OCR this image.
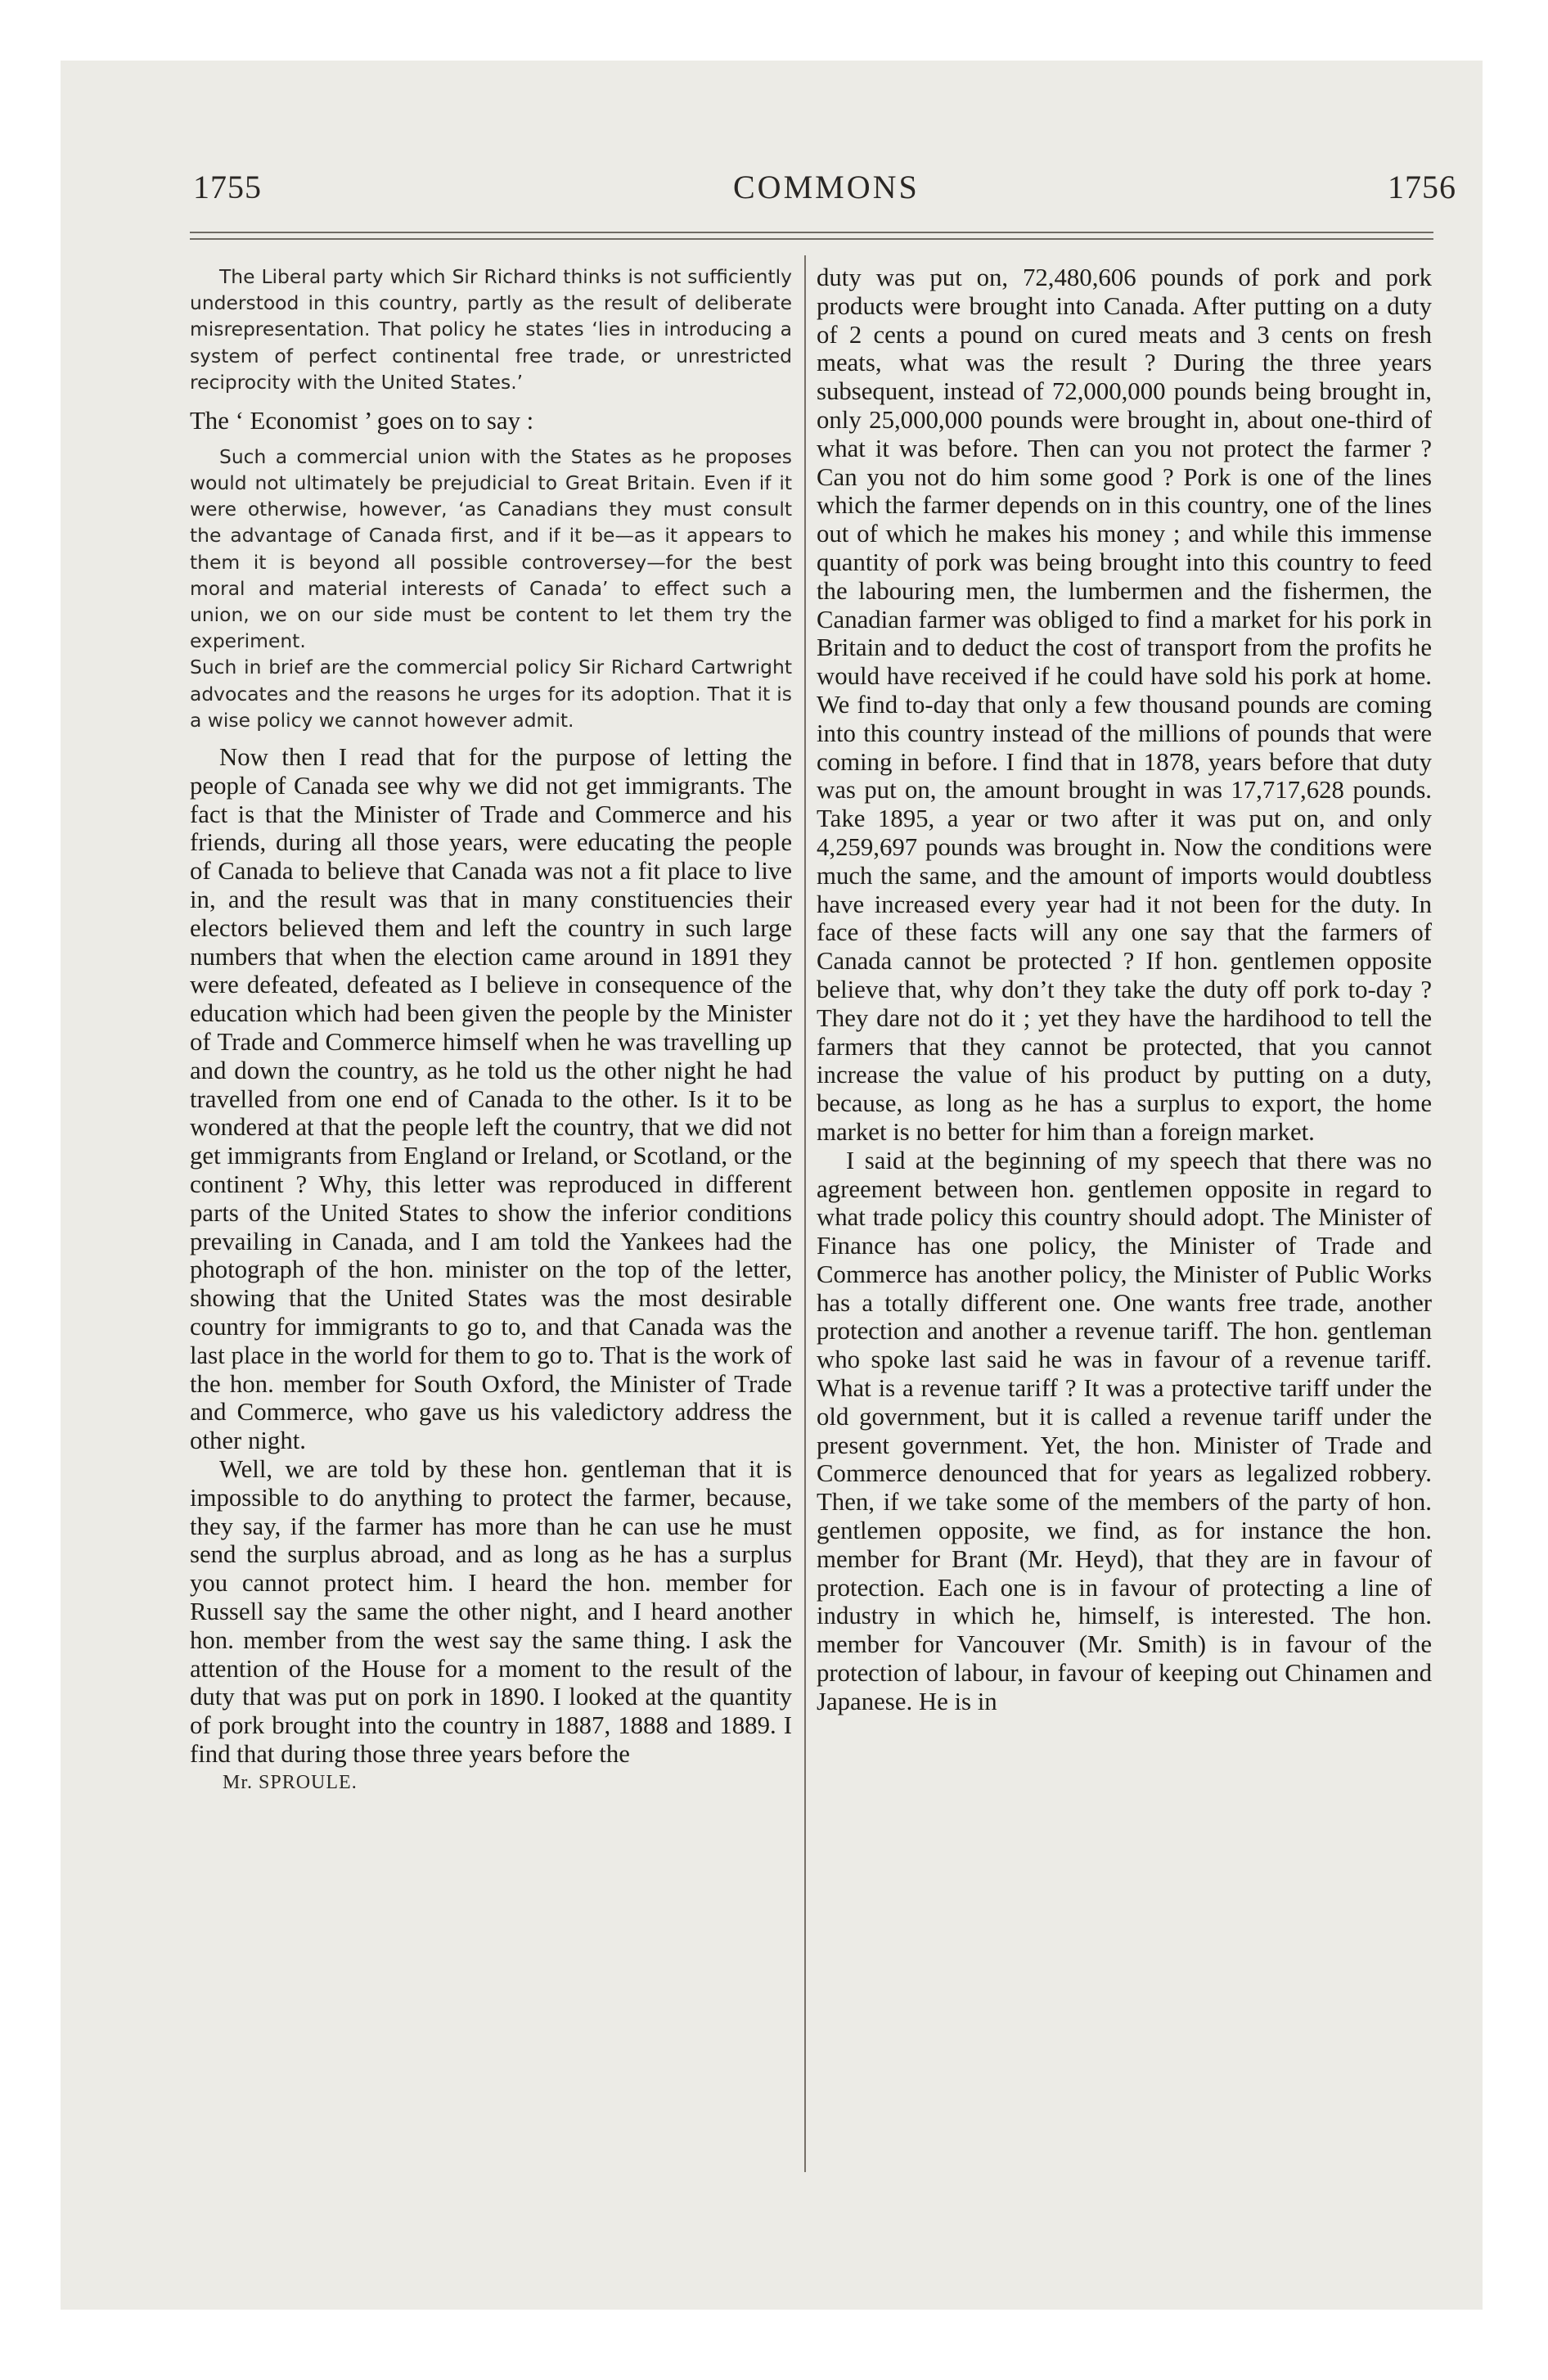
1755	COMMONS	1756

The Liberal party which Sir Richard thinks is not sufficiently understood in this country, partly as the result of deliberate misrepresentation. That policy he states ‘lies in introducing a system of perfect continental free trade, or unrestricted reciprocity with the United States.’

The ‘ Economist ’ goes on to say :

Such a commercial union with the States as he proposes would not ultimately be prejudicial to Great Britain. Even if it were otherwise, however, ‘as Canadians they must consult the advantage of Canada first, and if it be—as it appears to them it is beyond all possible controversey—for the best moral and material interests of Canada’ to effect such a union, we on our side must be content to let them try the experiment.

Such in brief are the commercial policy Sir Richard Cartwright advocates and the reasons he urges for its adoption. That it is a wise policy we cannot however admit.

Now then I read that for the purpose of letting the people of Canada see why we did not get immigrants. The fact is that the Minister of Trade and Commerce and his friends, during all those years, were educating the people of Canada to believe that Canada was not a fit place to live in, and the result was that in many constituencies their electors believed them and left the country in such large numbers that when the election came around in 1891 they were defeated, defeated as I believe in consequence of the education which had been given the people by the Minister of Trade and Commerce himself when he was travelling up and down the country, as he told us the other night he had travelled from one end of Canada to the other. Is it to be wondered at that the people left the country, that we did not get immigrants from England or Ireland, or Scotland, or the continent ? Why, this letter was reproduced in different parts of the United States to show the inferior conditions prevailing in Canada, and I am told the Yankees had the photograph of the hon. minister on the top of the letter, showing that the United States was the most desirable country for immigrants to go to, and that Canada was the last place in the world for them to go to. That is the work of the hon. member for South Oxford, the Minister of Trade and Commerce, who gave us his valedictory address the other night.

Well, we are told by these hon. gentleman that it is impossible to do anything to protect the farmer, because, they say, if the farmer has more than he can use he must send the surplus abroad, and as long as he has a surplus you cannot protect him. I heard the hon. member for Russell say the same the other night, and I heard another hon. member from the west say the same thing. I ask the attention of the House for a moment to the result of the duty that was put on pork in 1890. I looked at the quantity of pork brought into the country in 1887, 1888 and 1889. I find that during those three years before the

Mr. SPROULE.

duty was put on, 72,480,606 pounds of pork and pork products were brought into Canada. After putting on a duty of 2 cents a pound on cured meats and 3 cents on fresh meats, what was the result ? During the three years subsequent, instead of 72,000,000 pounds being brought in, only 25,000,000 pounds were brought in, about one-third of what it was before. Then can you not protect the farmer ? Can you not do him some good ? Pork is one of the lines which the farmer depends on in this country, one of the lines out of which he makes his money ; and while this immense quantity of pork was being brought into this country to feed the labouring men, the lumbermen and the fishermen, the Canadian farmer was obliged to find a market for his pork in Britain and to deduct the cost of transport from the profits he would have received if he could have sold his pork at home. We find to-day that only a few thousand pounds are coming into this country instead of the millions of pounds that were coming in before. I find that in 1878, years before that duty was put on, the amount brought in was 17,717,628 pounds. Take 1895, a year or two after it was put on, and only 4,259,697 pounds was brought in. Now the conditions were much the same, and the amount of imports would doubtless have increased every year had it not been for the duty. In face of these facts will any one say that the farmers of Canada cannot be protected ? If hon. gentlemen opposite believe that, why don’t they take the duty off pork to-day ? They dare not do it ; yet they have the hardihood to tell the farmers that they cannot be protected, that you cannot increase the value of his product by putting on a duty, because, as long as he has a surplus to export, the home market is no better for him than a foreign market.

I said at the beginning of my speech that there was no agreement between hon. gentlemen opposite in regard to what trade policy this country should adopt. The Minister of Finance has one policy, the Minister of Trade and Commerce has another policy, the Minister of Public Works has a totally different one. One wants free trade, another protection and another a revenue tariff. The hon. gentleman who spoke last said he was in favour of a revenue tariff. What is a revenue tariff ? It was a protective tariff under the old government, but it is called a revenue tariff under the present government. Yet, the hon. Minister of Trade and Commerce denounced that for years as legalized robbery. Then, if we take some of the members of the party of hon. gentlemen opposite, we find, as for instance the hon. member for Brant (Mr. Heyd), that they are in favour of protection. Each one is in favour of protecting a line of industry in which he, himself, is interested. The hon. member for Vancouver (Mr. Smith) is in favour of the protection of labour, in favour of keeping out Chinamen and Japanese. He is in
